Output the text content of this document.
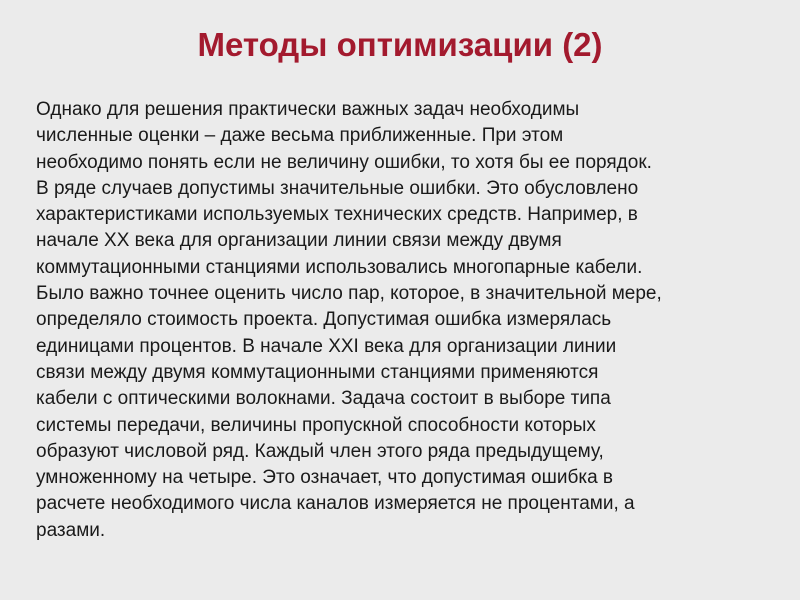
Методы оптимизации (2)
Однако для решения практически важных задач необходимы
численные оценки – даже весьма приближенные. При этом
необходимо понять если не величину ошибки, то хотя бы ее порядок.
В ряде случаев допустимы значительные ошибки. Это обусловлено
характеристиками используемых технических средств. Например, в
начале XX века для организации линии связи между двумя
коммутационными станциями использовались многопарные кабели.
Было важно точнее оценить число пар, которое, в значительной мере,
определяло стоимость проекта. Допустимая ошибка измерялась
единицами процентов. В начале XXI века для организации линии
связи между двумя коммутационными станциями применяются
кабели с оптическими волокнами. Задача состоит в выборе типа
системы передачи, величины пропускной способности которых
образуют числовой ряд. Каждый член этого ряда предыдущему,
умноженному на четыре. Это означает, что допустимая ошибка в
расчете необходимого числа каналов измеряется не процентами, а
разами.
